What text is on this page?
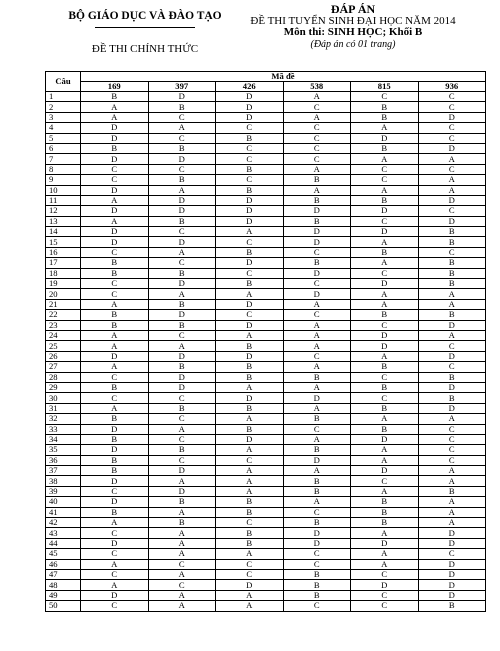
BỘ GIÁO DỤC VÀ ĐÀO TẠO
ĐỀ THI CHÍNH THỨC
ĐÁP ÁN
ĐỀ THI TUYỂN SINH ĐẠI HỌC NĂM 2014
Môn thi: SINH HỌC; Khối B
(Đáp án có 01 trang)
Câu	Mã đề					
	169	397	426	538	815	936
1	B	D	D	A	C	C
2	A	B	D	C	B	C
3	A	C	D	A	B	D
4	D	A	C	C	A	C
5	D	C	B	C	D	C
6	B	B	C	C	B	D
7	D	D	C	C	A	A
8	C	C	B	A	C	C
9	C	B	C	B	C	A
10	D	A	B	A	A	A
11	A	D	D	B	B	D
12	D	D	D	D	D	C
13	A	B	D	B	C	D
14	D	C	A	D	D	B
15	D	D	C	D	A	B
16	C	A	B	C	B	C
17	B	C	D	B	A	B
18	B	B	C	D	C	B
19	C	D	B	C	D	B
20	C	A	A	D	A	A
21	A	B	D	A	A	A
22	B	D	C	C	B	B
23	B	B	D	A	C	D
24	A	C	A	A	D	A
25	A	A	B	A	D	C
26	D	D	D	C	A	D
27	A	B	B	A	B	C
28	C	D	B	B	C	B
29	B	D	A	A	B	D
30	C	C	D	D	C	B
31	A	B	B	A	B	D
32	B	C	A	B	A	A
33	D	A	B	C	B	C
34	B	C	D	A	D	C
35	D	B	A	B	A	C
36	B	C	C	D	A	C
37	B	D	A	A	D	A
38	D	A	A	B	C	A
39	C	D	A	B	A	B
40	D	B	B	A	B	A
41	B	A	B	C	B	A
42	A	B	C	B	B	A
43	C	A	B	D	A	D
44	D	A	B	D	D	D
45	C	A	A	C	A	C
46	A	C	C	C	A	D
47	C	A	C	B	C	D
48	A	C	D	B	D	D
49	D	A	A	B	C	D
50	C	A	A	C	C	B
